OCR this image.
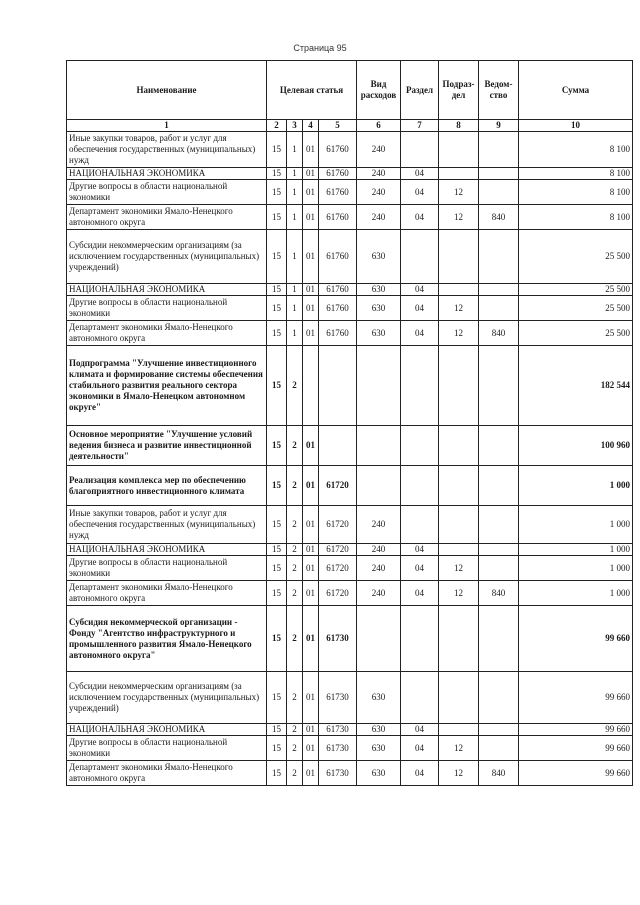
Страница 95
Наименование	Целевая статья				Вид расходов	Раздел	Подраз-дел	Ведом-ство	Сумма
1	2	3	4	5	6	7	8	9	10
Иные закупки товаров, работ и услуг для обеспечения государственных (муниципальных) нужд	15	1	01	61760	240				8 100
НАЦИОНАЛЬНАЯ ЭКОНОМИКА	15	1	01	61760	240	04			8 100
Другие вопросы в области национальной экономики	15	1	01	61760	240	04	12		8 100
Департамент экономики Ямало-Ненецкого автономного округа	15	1	01	61760	240	04	12	840	8 100
Субсидии некоммерческим организациям (за исключением государственных (муниципальных) учреждений)	15	1	01	61760	630				25 500
НАЦИОНАЛЬНАЯ ЭКОНОМИКА	15	1	01	61760	630	04			25 500
Другие вопросы в области национальной экономики	15	1	01	61760	630	04	12		25 500
Департамент экономики Ямало-Ненецкого автономного округа	15	1	01	61760	630	04	12	840	25 500
Подпрограмма "Улучшение инвестиционного климата и формирование системы обеспечения стабильного развития реального сектора экономики в Ямало-Ненецком автономном округе"	15	2							182 544
Основное мероприятие "Улучшение условий ведения бизнеса и развитие инвестиционной деятельности"	15	2	01						100 960
Реализация комплекса мер по обеспечению благоприятного инвестиционного климата	15	2	01	61720					1 000
Иные закупки товаров, работ и услуг для обеспечения государственных (муниципальных) нужд	15	2	01	61720	240				1 000
НАЦИОНАЛЬНАЯ ЭКОНОМИКА	15	2	01	61720	240	04			1 000
Другие вопросы в области национальной экономики	15	2	01	61720	240	04	12		1 000
Департамент экономики Ямало-Ненецкого автономного округа	15	2	01	61720	240	04	12	840	1 000
Субсидия некоммерческой организации - Фонду "Агентство инфраструктурного и промышленного развития Ямало-Ненецкого автономного округа"	15	2	01	61730					99 660
Субсидии некоммерческим организациям (за исключением государственных (муниципальных) учреждений)	15	2	01	61730	630				99 660
НАЦИОНАЛЬНАЯ ЭКОНОМИКА	15	2	01	61730	630	04			99 660
Другие вопросы в области национальной экономики	15	2	01	61730	630	04	12		99 660
Департамент экономики Ямало-Ненецкого автономного округа	15	2	01	61730	630	04	12	840	99 660
